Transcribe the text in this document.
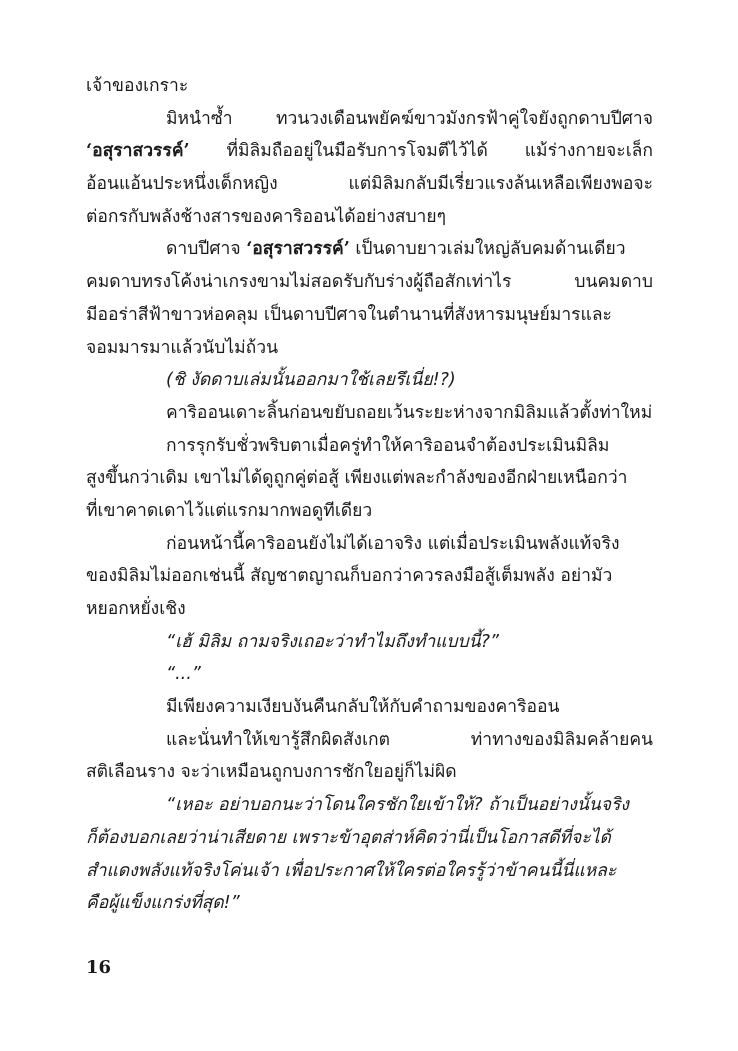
เจ้าของเกราะ
มิหนำซ้ำ ทวนวงเดือนพยัคฆ์ขาวมังกรฟ้าคู่ใจยังถูกดาบปีศาจ
‘อสุราสวรรค์’ ที่มิลิมถืออยู่ในมือรับการโจมตีไว้ได้ แม้ร่างกายจะเล็ก
อ้อนแอ้นประหนึ่งเด็กหญิง	แต่มิลิมกลับมีเรี่ยวแรงล้นเหลือเพียงพอจะ
ต่อกรกับพลังช้างสารของคาริออนได้อย่างสบายๆ
ดาบปีศาจ ‘อสุราสวรรค์’ เป็นดาบยาวเล่มใหญ่ลับคมด้านเดียว
คมดาบทรงโค้งน่าเกรงขามไม่สอดรับกับร่างผู้ถือสักเท่าไร	บนคมดาบ
มีออร่าสีฟ้าขาวห่อคลุม เป็นดาบปีศาจในตำนานที่สังหารมนุษย์มารและ
จอมมารมาแล้วนับไม่ถ้วน
(ชิ งัดดาบเล่มนั้นออกมาใช้เลยรึเนี่ย!?)
คาริออนเดาะลิ้นก่อนขยับถอยเว้นระยะห่างจากมิลิมแล้วตั้งท่าใหม่
การรุกรับชั่วพริบตาเมื่อครู่ทำให้คาริออนจำต้องประเมินมิลิม
สูงขึ้นกว่าเดิม เขาไม่ได้ดูถูกคู่ต่อสู้ เพียงแต่พละกำลังของอีกฝ่ายเหนือกว่า
ที่เขาคาดเดาไว้แต่แรกมากพอดูทีเดียว
ก่อนหน้านี้คาริออนยังไม่ได้เอาจริง แต่เมื่อประเมินพลังแท้จริง
ของมิลิมไม่ออกเช่นนี้ สัญชาตญาณก็บอกว่าควรลงมือสู้เต็มพลัง อย่ามัว
หยอกหยั่งเชิง
“เฮ้ มิลิม ถามจริงเถอะว่าทำไมถึงทำแบบนี้?”
“...”
มีเพียงความเงียบงันคืนกลับให้กับคำถามของคาริออน
และนั่นทำให้เขารู้สึกผิดสังเกต	ท่าทางของมิลิมคล้ายคน
สติเลือนราง จะว่าเหมือนถูกบงการชักใยอยู่ก็ไม่ผิด
“เหอะ อย่าบอกนะว่าโดนใครชักใยเข้าให้? ถ้าเป็นอย่างนั้นจริง
ก็ต้องบอกเลยว่าน่าเสียดาย เพราะข้าอุตส่าห์คิดว่านี่เป็นโอกาสดีที่จะได้
สำแดงพลังแท้จริงโค่นเจ้า เพื่อประกาศให้ใครต่อใครรู้ว่าข้าคนนี้นี่แหละ
คือผู้แข็งแกร่งที่สุด!”
16
